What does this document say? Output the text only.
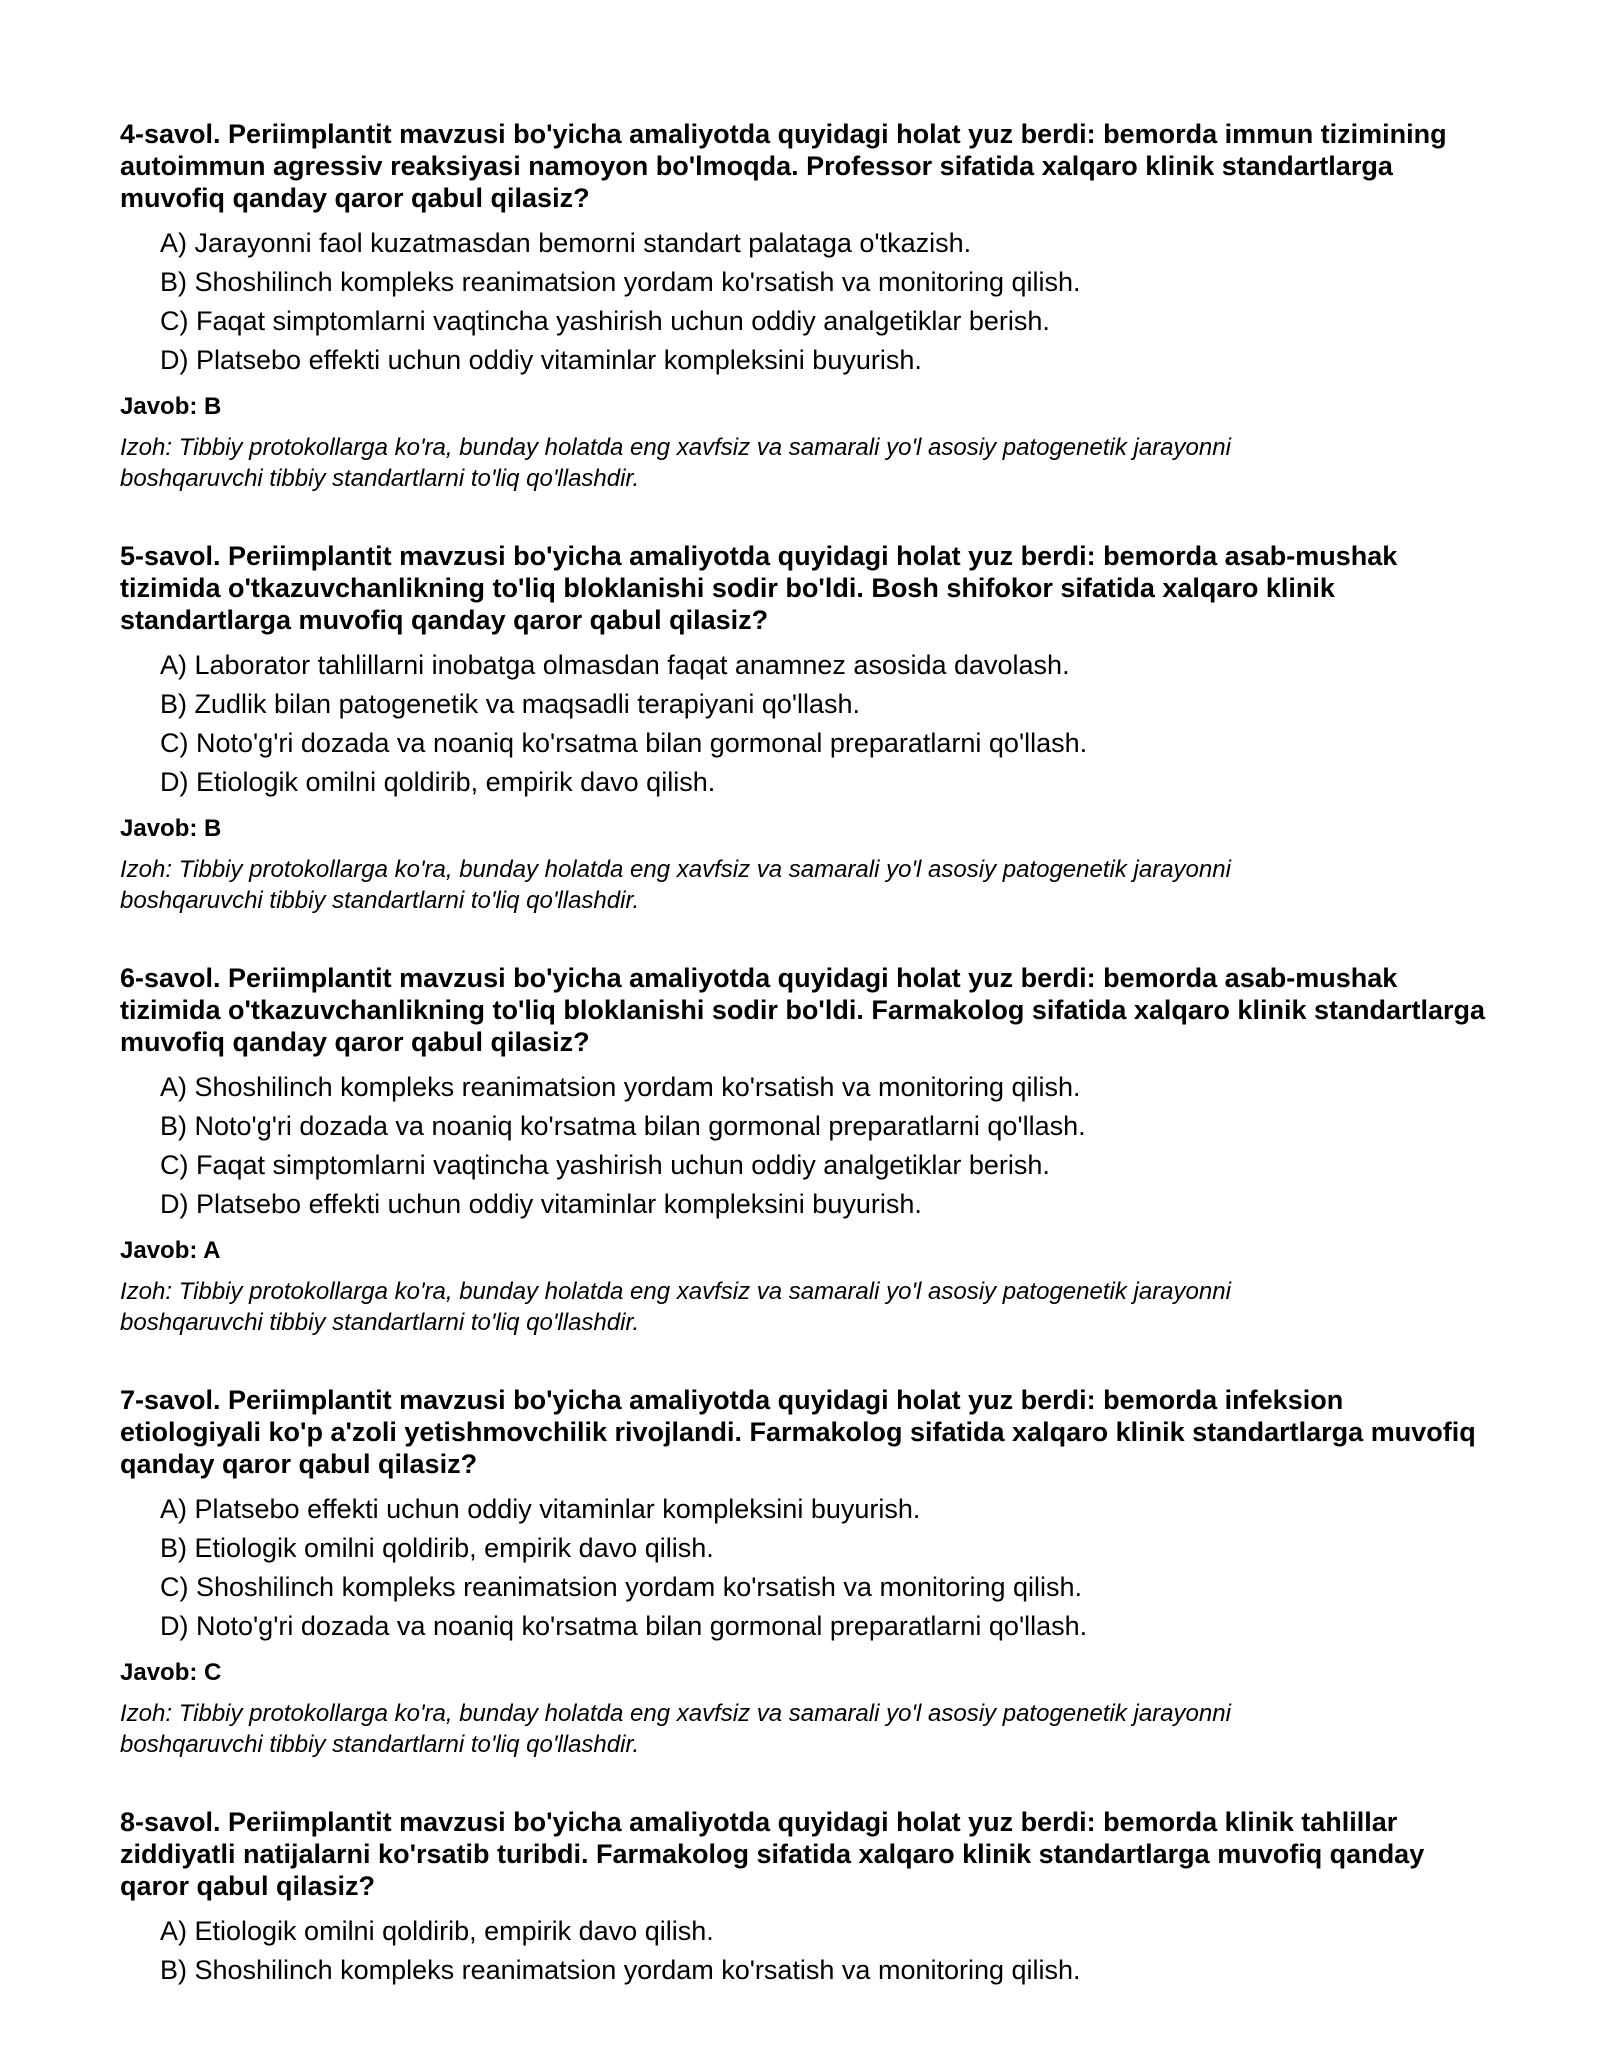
4-savol. Periimplantit mavzusi bo'yicha amaliyotda quyidagi holat yuz berdi: bemorda immun tizimining autoimmun agressiv reaksiyasi namoyon bo'lmoqda. Professor sifatida xalqaro klinik standartlarga muvofiq qanday qaror qabul qilasiz?

A) Jarayonni faol kuzatmasdan bemorni standart palataga o'tkazish.
B) Shoshilinch kompleks reanimatsion yordam ko'rsatish va monitoring qilish.
C) Faqat simptomlarni vaqtincha yashirish uchun oddiy analgetiklar berish.
D) Platsebo effekti uchun oddiy vitaminlar kompleksini buyurish.

Javob: B

Izoh: Tibbiy protokollarga ko'ra, bunday holatda eng xavfsiz va samarali yo'l asosiy patogenetik jarayonni boshqaruvchi tibbiy standartlarni to'liq qo'llashdir.

5-savol. Periimplantit mavzusi bo'yicha amaliyotda quyidagi holat yuz berdi: bemorda asab-mushak tizimida o'tkazuvchanlikning to'liq bloklanishi sodir bo'ldi. Bosh shifokor sifatida xalqaro klinik standartlarga muvofiq qanday qaror qabul qilasiz?

A) Laborator tahlillarni inobatga olmasdan faqat anamnez asosida davolash.
B) Zudlik bilan patogenetik va maqsadli terapiyani qo'llash.
C) Noto'g'ri dozada va noaniq ko'rsatma bilan gormonal preparatlarni qo'llash.
D) Etiologik omilni qoldirib, empirik davo qilish.

Javob: B

Izoh: Tibbiy protokollarga ko'ra, bunday holatda eng xavfsiz va samarali yo'l asosiy patogenetik jarayonni boshqaruvchi tibbiy standartlarni to'liq qo'llashdir.

6-savol. Periimplantit mavzusi bo'yicha amaliyotda quyidagi holat yuz berdi: bemorda asab-mushak tizimida o'tkazuvchanlikning to'liq bloklanishi sodir bo'ldi. Farmakolog sifatida xalqaro klinik standartlarga muvofiq qanday qaror qabul qilasiz?

A) Shoshilinch kompleks reanimatsion yordam ko'rsatish va monitoring qilish.
B) Noto'g'ri dozada va noaniq ko'rsatma bilan gormonal preparatlarni qo'llash.
C) Faqat simptomlarni vaqtincha yashirish uchun oddiy analgetiklar berish.
D) Platsebo effekti uchun oddiy vitaminlar kompleksini buyurish.

Javob: A

Izoh: Tibbiy protokollarga ko'ra, bunday holatda eng xavfsiz va samarali yo'l asosiy patogenetik jarayonni boshqaruvchi tibbiy standartlarni to'liq qo'llashdir.

7-savol. Periimplantit mavzusi bo'yicha amaliyotda quyidagi holat yuz berdi: bemorda infeksion etiologiyali ko'p a'zoli yetishmovchilik rivojlandi. Farmakolog sifatida xalqaro klinik standartlarga muvofiq qanday qaror qabul qilasiz?

A) Platsebo effekti uchun oddiy vitaminlar kompleksini buyurish.
B) Etiologik omilni qoldirib, empirik davo qilish.
C) Shoshilinch kompleks reanimatsion yordam ko'rsatish va monitoring qilish.
D) Noto'g'ri dozada va noaniq ko'rsatma bilan gormonal preparatlarni qo'llash.

Javob: C

Izoh: Tibbiy protokollarga ko'ra, bunday holatda eng xavfsiz va samarali yo'l asosiy patogenetik jarayonni boshqaruvchi tibbiy standartlarni to'liq qo'llashdir.

8-savol. Periimplantit mavzusi bo'yicha amaliyotda quyidagi holat yuz berdi: bemorda klinik tahlillar ziddiyatli natijalarni ko'rsatib turibdi. Farmakolog sifatida xalqaro klinik standartlarga muvofiq qanday qaror qabul qilasiz?

A) Etiologik omilni qoldirib, empirik davo qilish.
B) Shoshilinch kompleks reanimatsion yordam ko'rsatish va monitoring qilish.
